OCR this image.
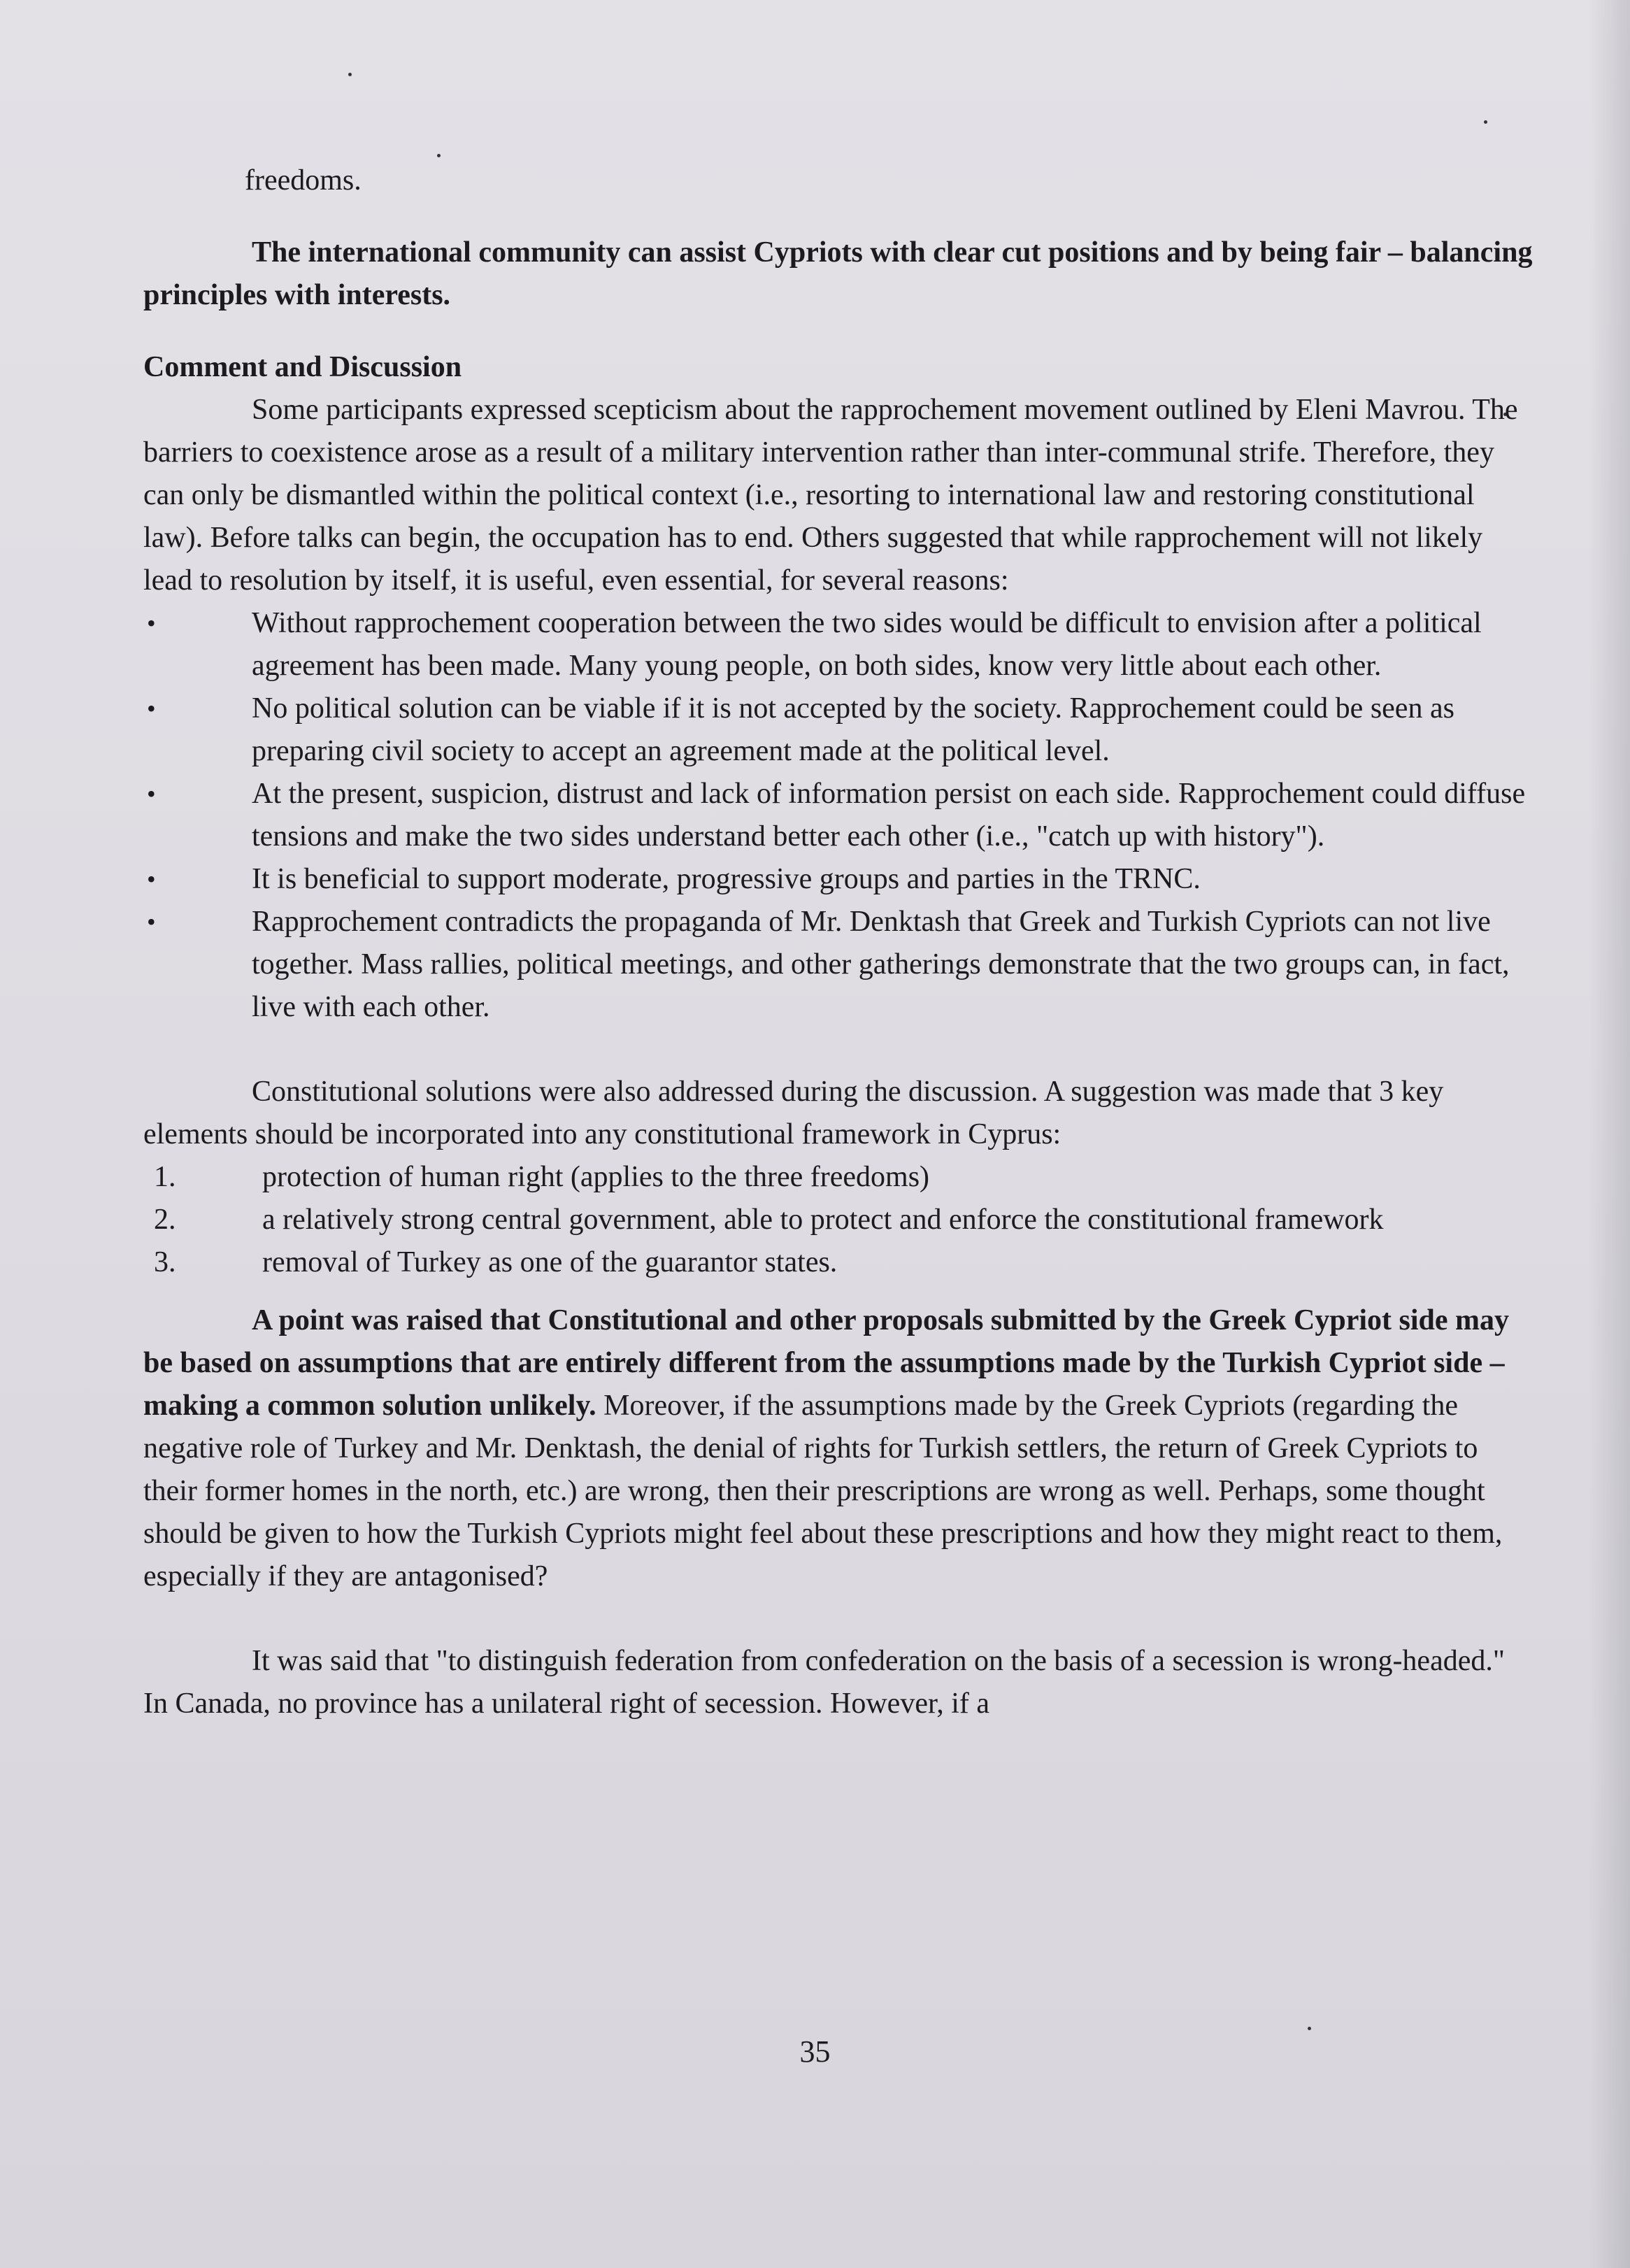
freedoms.

The international community can assist Cypriots with clear cut positions and by being fair – balancing principles with interests.

Comment and Discussion

Some participants expressed scepticism about the rapprochement movement outlined by Eleni Mavrou. The barriers to coexistence arose as a result of a military intervention rather than inter-communal strife. Therefore, they can only be dismantled within the political context (i.e., resorting to international law and restoring constitutional law). Before talks can begin, the occupation has to end. Others suggested that while rapprochement will not likely lead to resolution by itself, it is useful, even essential, for several reasons:

•	Without rapprochement cooperation between the two sides would be difficult to envision after a political agreement has been made. Many young people, on both sides, know very little about each other.
•	No political solution can be viable if it is not accepted by the society. Rapprochement could be seen as preparing civil society to accept an agreement made at the political level.
•	At the present, suspicion, distrust and lack of information persist on each side. Rapprochement could diffuse tensions and make the two sides understand better each other (i.e., "catch up with history").
•	It is beneficial to support moderate, progressive groups and parties in the TRNC.
•	Rapprochement contradicts the propaganda of Mr. Denktash that Greek and Turkish Cypriots can not live together. Mass rallies, political meetings, and other gatherings demonstrate that the two groups can, in fact, live with each other.

Constitutional solutions were also addressed during the discussion. A suggestion was made that 3 key elements should be incorporated into any constitutional framework in Cyprus:

1.	protection of human right (applies to the three freedoms)
2.	a relatively strong central government, able to protect and enforce the constitutional framework
3.	removal of Turkey as one of the guarantor states.

A point was raised that Constitutional and other proposals submitted by the Greek Cypriot side may be based on assumptions that are entirely different from the assumptions made by the Turkish Cypriot side – making a common solution unlikely. Moreover, if the assumptions made by the Greek Cypriots (regarding the negative role of Turkey and Mr. Denktash, the denial of rights for Turkish settlers, the return of Greek Cypriots to their former homes in the north, etc.) are wrong, then their prescriptions are wrong as well. Perhaps, some thought should be given to how the Turkish Cypriots might feel about these prescriptions and how they might react to them, especially if they are antagonised?

It was said that "to distinguish federation from confederation on the basis of a secession is wrong-headed." In Canada, no province has a unilateral right of secession. However, if a

35
